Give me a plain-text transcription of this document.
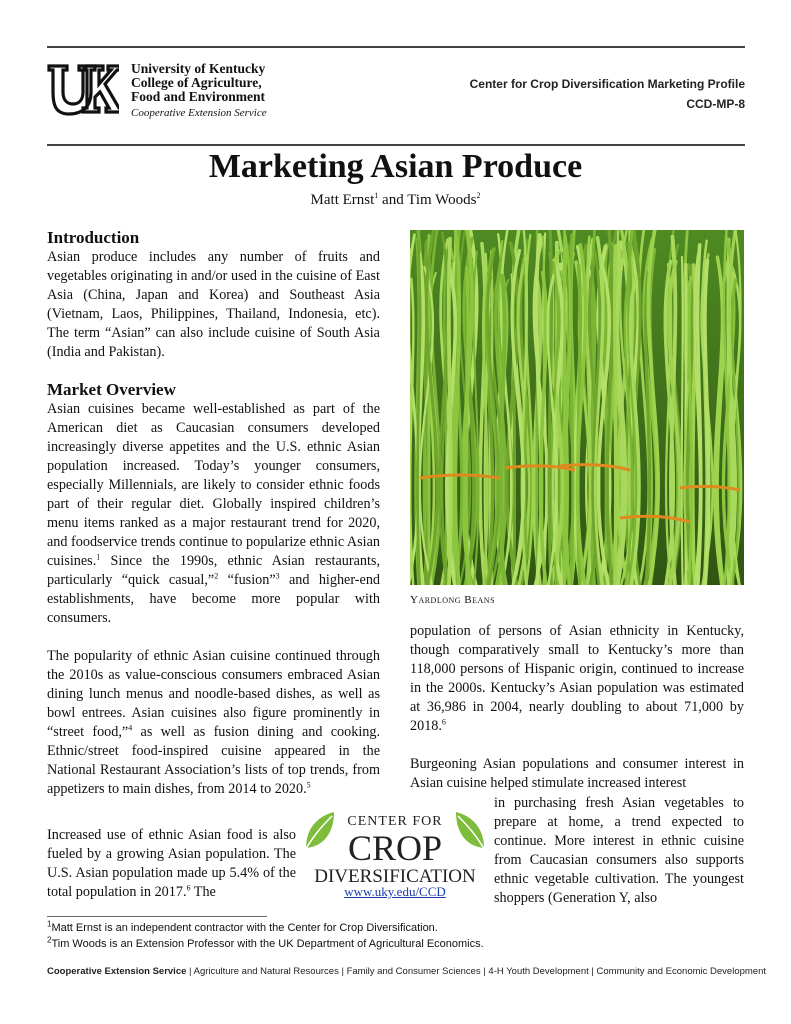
University of Kentucky
College of Agriculture,
Food and Environment
Cooperative Extension Service
Center for Crop Diversification Marketing Profile
CCD-MP-8
Marketing Asian Produce
Matt Ernst$^1$ and Tim Woods$^2$
Introduction

Asian produce includes any number of fruits and vegetables originating in and/or used in the cuisine of East Asia (China, Japan and Korea) and Southeast Asia (Vietnam, Laos, Philippines, Thailand, Indonesia, etc). The term “Asian” can also include cuisine of South Asia (India and Pakistan).

Market Overview

Asian cuisines became well-established as part of the American diet as Caucasian consumers developed increasingly diverse appetites and the U.S. ethnic Asian population increased. Today’s younger consumers, especially Millennials, are likely to consider ethnic foods part of their regular diet. Globally inspired children’s menu items ranked as a major restaurant trend for 2020, and foodservice trends continue to popularize ethnic Asian cuisines.$^1$ Since the 1990s, ethnic Asian restaurants, particularly “quick casual,”$^2$ “fusion”$^3$ and higher-end establishments, have become more popular with consumers.

The popularity of ethnic Asian cuisine continued through the 2010s as value-conscious consumers embraced Asian dining lunch menus and noodle-based dishes, as well as bowl entrees. Asian cuisines also figure prominently in “street food,”$^4$ as well as fusion dining and cooking. Ethnic/street food-inspired cuisine appeared in the National Restaurant Association’s lists of top trends, from appetizers to main dishes, from 2014 to 2020.$^5$

Increased use of ethnic Asian food is also fueled by a growing Asian population. The U.S. Asian population made up 5.4% of the total population in 2017.$^6$ The

Yardlong Beans

population of persons of Asian ethnicity in Kentucky, though comparatively small to Kentucky’s more than 118,000 persons of Hispanic origin, continued to increase in the 2000s. Kentucky’s Asian population was estimated at 36,986 in 2004, nearly doubling to about 71,000 by 2018.$^6$

Burgeoning Asian populations and consumer interest in Asian cuisine helped stimulate increased interest

in purchasing fresh Asian vegetables to prepare at home, a trend expected to continue. More interest in ethnic cuisine from Caucasian consumers also supports ethnic vegetable cultivation. The youngest shoppers (Generation Y, also

CENTER FOR
CROP
DIVERSIFICATION
www.uky.edu/CCD
$^1$Matt Ernst is an independent contractor with the Center for Crop Diversification.
$^2$Tim Woods is an Extension Professor with the UK Department of Agricultural Economics.
Cooperative Extension Service | Agriculture and Natural Resources | Family and Consumer Sciences | 4-H Youth Development | Community and Economic Development
